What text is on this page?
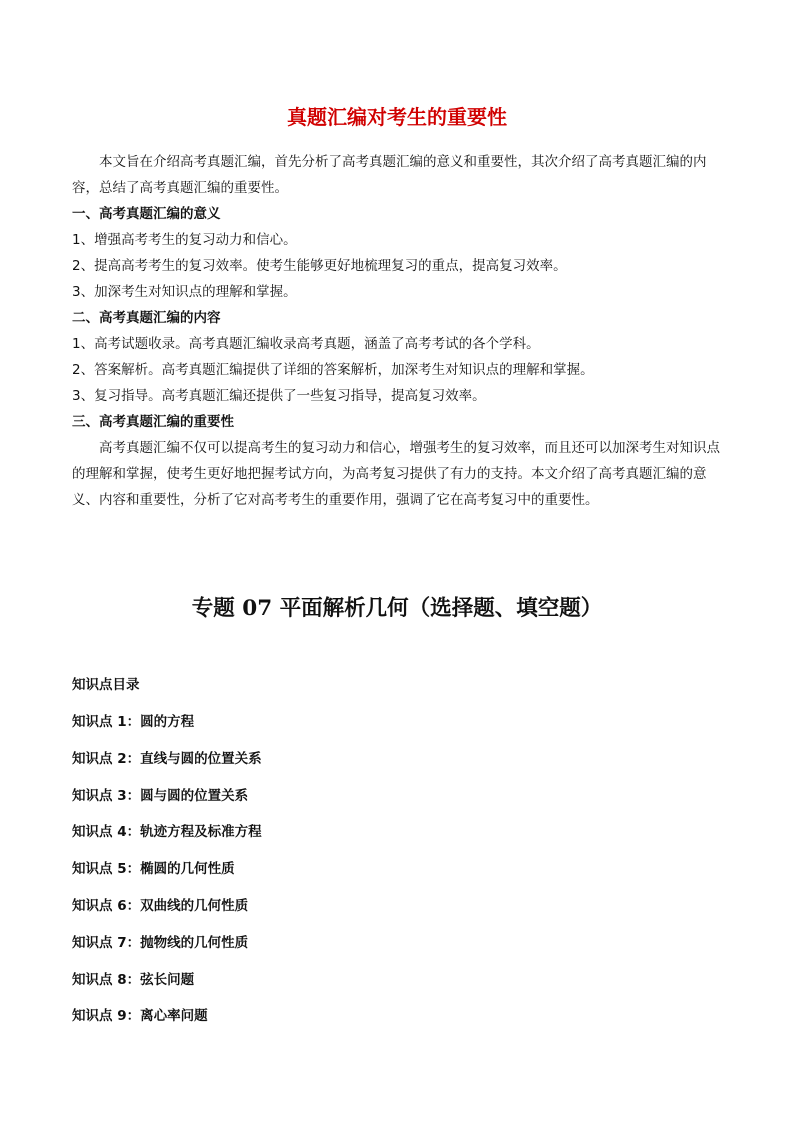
真题汇编对考生的重要性

本文旨在介绍高考真题汇编，首先分析了高考真题汇编的意义和重要性，其次介绍了高考真题汇编的内容，总结了高考真题汇编的重要性。

一、高考真题汇编的意义

1、增强高考考生的复习动力和信心。

2、提高高考考生的复习效率。使考生能够更好地梳理复习的重点，提高复习效率。

3、加深考生对知识点的理解和掌握。

二、高考真题汇编的内容

1、高考试题收录。高考真题汇编收录高考真题，涵盖了高考考试的各个学科。

2、答案解析。高考真题汇编提供了详细的答案解析，加深考生对知识点的理解和掌握。

3、复习指导。高考真题汇编还提供了一些复习指导，提高复习效率。

三、高考真题汇编的重要性

高考真题汇编不仅可以提高考生的复习动力和信心，增强考生的复习效率，而且还可以加深考生对知识点的理解和掌握，使考生更好地把握考试方向，为高考复习提供了有力的支持。本文介绍了高考真题汇编的意义、内容和重要性，分析了它对高考考生的重要作用，强调了它在高考复习中的重要性。

专题 07 平面解析几何（选择题、填空题）

知识点目录

知识点 1：圆的方程
知识点 2：直线与圆的位置关系
知识点 3：圆与圆的位置关系
知识点 4：轨迹方程及标准方程
知识点 5：椭圆的几何性质
知识点 6：双曲线的几何性质
知识点 7：抛物线的几何性质
知识点 8：弦长问题
知识点 9：离心率问题
